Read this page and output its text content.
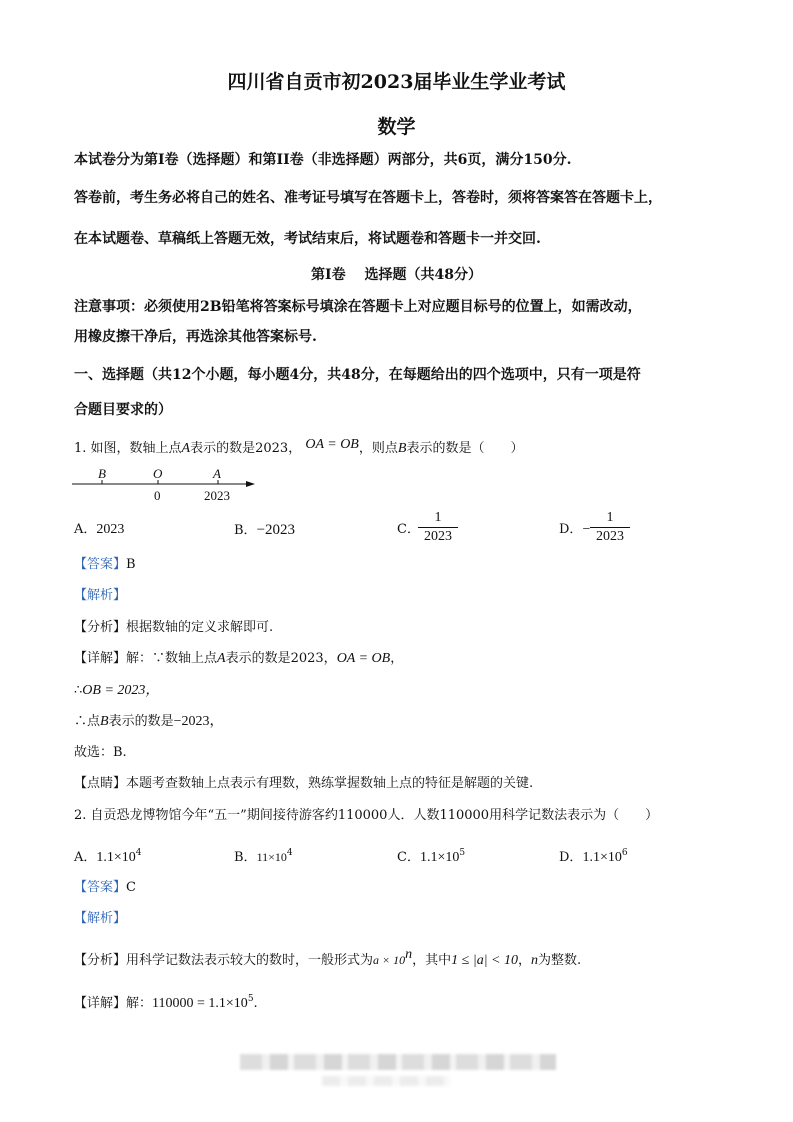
四川省自贡市初2023届毕业生学业考试
数学
本试卷分为第I卷（选择题）和第II卷（非选择题）两部分，共6页，满分150分.
答卷前，考生务必将自己的姓名、准考证号填写在答题卡上，答卷时，须将答案答在答题卡上，
在本试题卷、草稿纸上答题无效，考试结束后，将试题卷和答题卡一并交回.
第I卷　 选择题（共48分）
注意事项：必须使用2B铅笔将答案标号填涂在答题卡上对应题目标号的位置上，如需改动，
用橡皮擦干净后，再选涂其他答案标号.
一、选择题（共12个小题，每小题4分，共48分，在每题给出的四个选项中，只有一项是符
合题目要求的）
1. 如图，数轴上点A表示的数是2023， OA = OB，则点B表示的数是（　　）
B	O	A
0	2023
A．2023	B．−2023	C．
1
2023	D．−
1
2023
【答案】B
【解析】
【分析】根据数轴的定义求解即可.
【详解】解：∵数轴上点A表示的数是2023，OA = OB，
∴OB = 2023，
∴点B表示的数是−2023，
故选：B.
【点睛】本题考查数轴上点表示有理数，熟练掌握数轴上点的特征是解题的关键.
2. 自贡恐龙博物馆今年“五一”期间接待游客约110000人．人数110000用科学记数法表示为（　　）
A．$1.1\times 10^4$	B．$11\times 10^4$	C．$1.1\times 10^5$	D．$1.1\times 10^6$
【答案】C
【解析】
【分析】用科学记数法表示较大的数时，一般形式为$a \times 10^n$，其中1 ≤ |a| < 10，n为整数.
【详解】解：$110000 = 1.1\times 10^5$.
